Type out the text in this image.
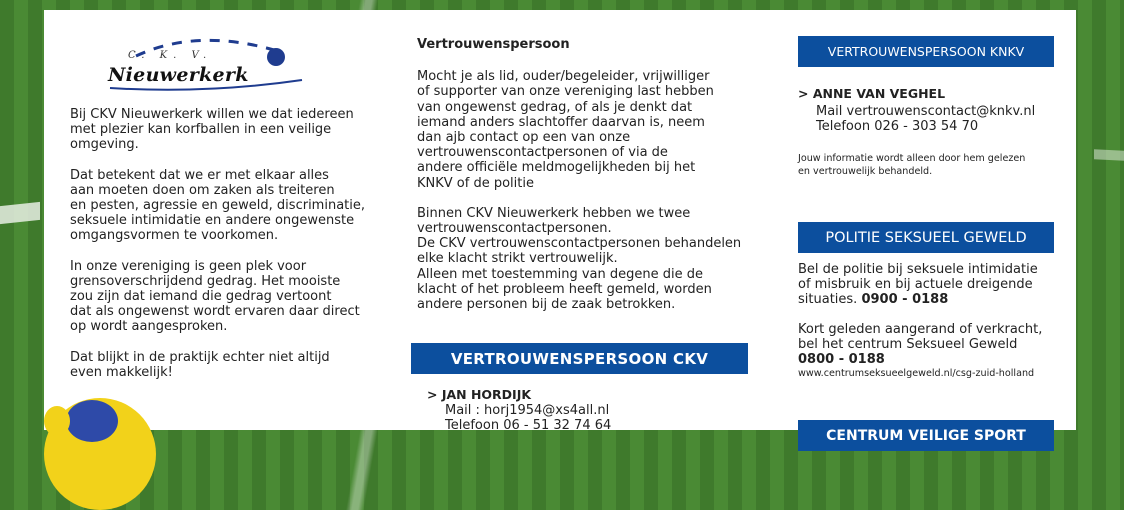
C. K. V.
Nieuwerkerk

Bij CKV Nieuwerkerk willen we dat iedereen
met plezier kan korfballen in een veilige
omgeving.

Dat betekent dat we er met elkaar alles
aan moeten doen om zaken als treiteren
en pesten, agressie en geweld, discriminatie,
seksuele intimidatie en andere ongewenste
omgangsvormen te voorkomen.

In onze vereniging is geen plek voor
grensoverschrijdend gedrag. Het mooiste
zou zijn dat iemand die gedrag vertoont
dat als ongewenst wordt ervaren daar direct
op wordt aangesproken.

Dat blijkt in de praktijk echter niet altijd
even makkelijk!

Vertrouwenspersoon

Mocht je als lid, ouder/begeleider, vrijwilliger
of supporter van onze vereniging last hebben
van ongewenst gedrag, of als je denkt dat
iemand anders slachtoffer daarvan is, neem
dan ajb contact op een van onze
vertrouwenscontactpersonen of via de
andere officiële meldmogelijkheden bij het
KNKV of de politie

Binnen CKV Nieuwerkerk hebben we twee
vertrouwenscontactpersonen.
De CKV vertrouwenscontactpersonen behandelen
elke klacht strikt vertrouwelijk.
Alleen met toestemming van degene die de
klacht of het probleem heeft gemeld, worden
andere personen bij de zaak betrokken.

VERTROUWENSPERSOON CKV

> JAN HORDIJK

Mail : horj1954@xs4all.nl

Telefoon 06 - 51 32 74 64

VERTROUWENSPERSOON KNKV

> ANNE VAN VEGHEL

Mail vertrouwenscontact@knkv.nl

Telefoon 026 - 303 54 70

Jouw informatie wordt alleen door hem gelezen
en vertrouwelijk behandeld.

POLITIE SEKSUEEL GEWELD

Bel de politie bij seksuele intimidatie
of misbruik en bij actuele dreigende
situaties. 0900 - 0188

Kort geleden aangerand of verkracht,
bel het centrum Seksueel Geweld

0800 - 0188

www.centrumseksueelgeweld.nl/csg-zuid-holland

CENTRUM VEILIGE SPORT
